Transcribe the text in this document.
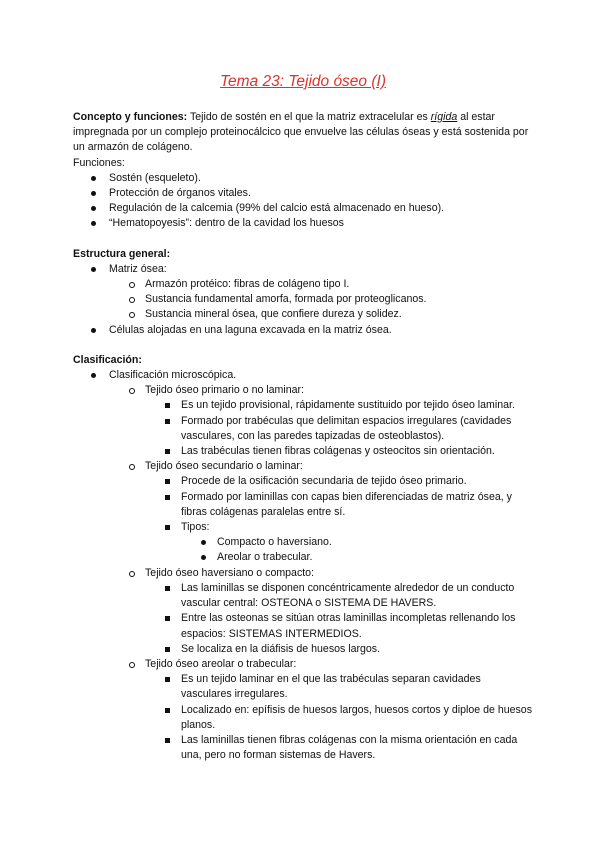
Tema 23: Tejido óseo (I)

Concepto y funciones: Tejido de sostén en el que la matriz extracelular es rígida al estar impregnada por un complejo proteinocálcico que envuelve las células óseas y está sostenida por un armazón de colágeno.

Funciones:

Sostén (esqueleto).
Protección de órganos vitales.
Regulación de la calcemia (99% del calcio está almacenado en hueso).
“Hematopoyesis”: dentro de la cavidad los huesos

Estructura general:

Matriz ósea:
Armazón protéico: fibras de colágeno tipo I.
Sustancia fundamental amorfa, formada por proteoglicanos.
Sustancia mineral ósea, que confiere dureza y solidez.
Células alojadas en una laguna excavada en la matriz ósea.

Clasificación:

Clasificación microscópica.
Tejido óseo primario o no laminar:
Es un tejido provisional, rápidamente sustituido por tejido óseo laminar.
Formado por trabéculas que delimitan espacios irregulares (cavidades vasculares, con las paredes tapizadas de osteoblastos).
Las trabéculas tienen fibras colágenas y osteocitos sin orientación.
Tejido óseo secundario o laminar:
Procede de la osificación secundaria de tejido óseo primario.
Formado por laminillas con capas bien diferenciadas de matriz ósea, y fibras colágenas paralelas entre sí.
Tipos:
Compacto o haversiano.
Areolar o trabecular.
Tejido óseo haversiano o compacto:
Las laminillas se disponen concéntricamente alrededor de un conducto vascular central: OSTEONA o SISTEMA DE HAVERS.
Entre las osteonas se sitúan otras laminillas incompletas rellenando los espacios: SISTEMAS INTERMEDIOS.
Se localiza en la diáfisis de huesos largos.
Tejido óseo areolar o trabecular:
Es un tejido laminar en el que las trabéculas separan cavidades vasculares irregulares.
Localizado en: epífisis de huesos largos, huesos cortos y diploe de huesos planos.
Las laminillas tienen fibras colágenas con la misma orientación en cada una, pero no forman sistemas de Havers.
